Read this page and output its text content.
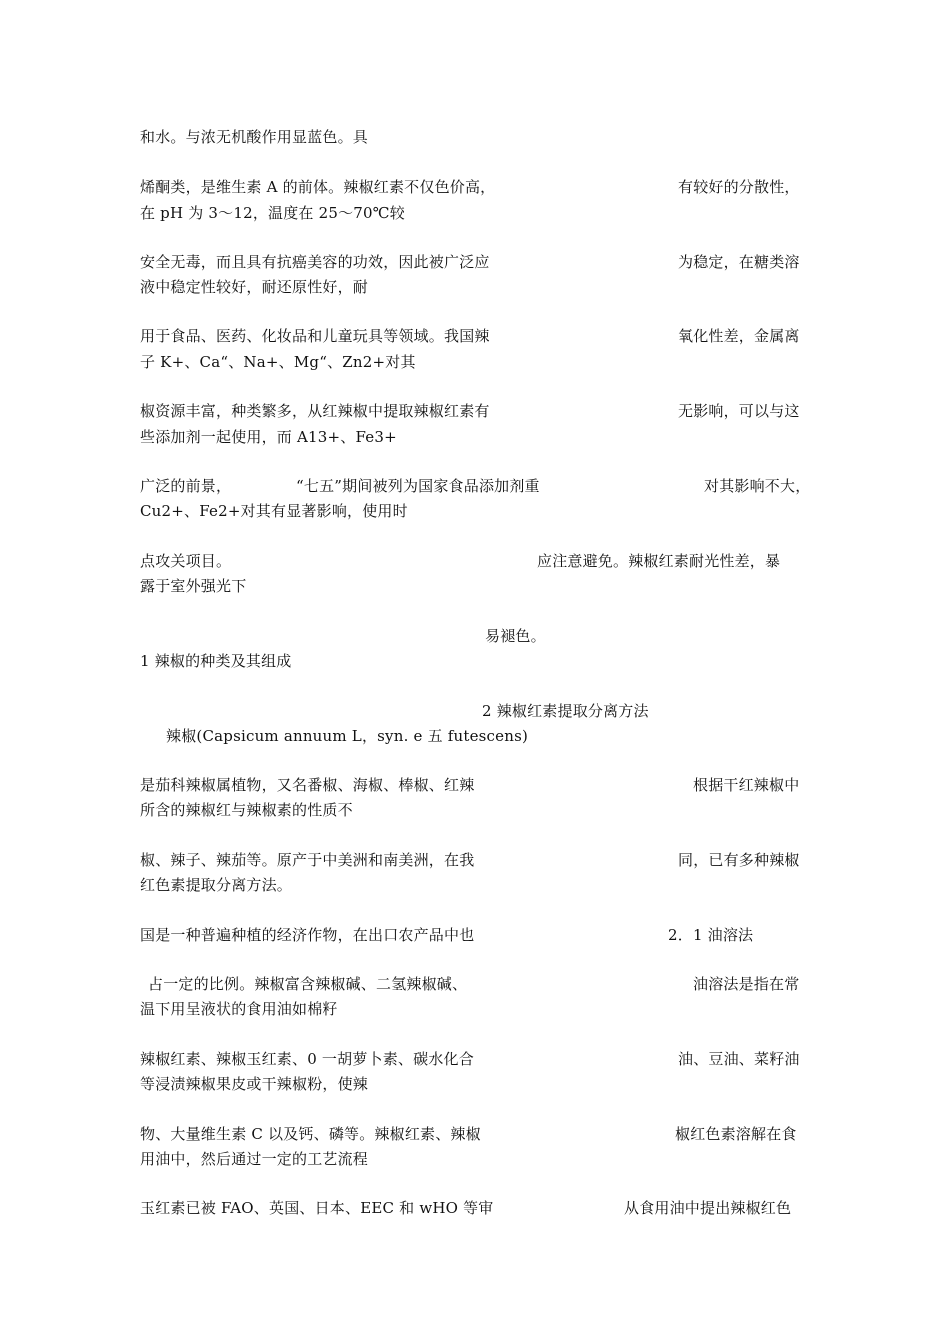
和水。与浓无机酸作用显蓝色。具
烯酮类，是维生素 A 的前体。辣椒红素不仅色价高，	有较好的分散性，
在 pH 为 3～12，温度在 25～70℃较
安全无毒，而且具有抗癌美容的功效，因此被广泛应	为稳定，在糖类溶
液中稳定性较好，耐还原性好，耐
用于食品、医药、化妆品和儿童玩具等领域。我国辣	氧化性差，金属离
子 K+、Ca“、Na+、Mg“、Zn2+对其
椒资源丰富，种类繁多，从红辣椒中提取辣椒红素有	无影响，可以与这
些添加剂一起使用，而 A13+、Fe3+
广泛的前景，	“七五”期间被列为国家食品添加剂重	对其影响不大，
Cu2+、Fe2+对其有显著影响，使用时
点攻关项目。	应注意避免。辣椒红素耐光性差，暴
露于室外强光下
易褪色。
1 辣椒的种类及其组成
2 辣椒红素提取分离方法
辣椒(Capsicum annuum L，syn. e 五 futescens)
是茄科辣椒属植物，又名番椒、海椒、棒椒、红辣	根据干红辣椒中
所含的辣椒红与辣椒素的性质不
椒、辣子、辣茄等。原产于中美洲和南美洲，在我	同，已有多种辣椒
红色素提取分离方法。
国是一种普遍种植的经济作物，在出口农产品中也	2．1 油溶法
占一定的比例。辣椒富含辣椒碱、二氢辣椒碱、	油溶法是指在常
温下用呈液状的食用油如棉籽
辣椒红素、辣椒玉红素、0 一胡萝卜素、碳水化合	油、豆油、菜籽油
等浸渍辣椒果皮或干辣椒粉，使辣
物、大量维生素 C 以及钙、磷等。辣椒红素、辣椒	椒红色素溶解在食
用油中，然后通过一定的工艺流程
玉红素已被 FAO、英国、日本、EEC 和 wHO 等审	从食用油中提出辣椒红色
